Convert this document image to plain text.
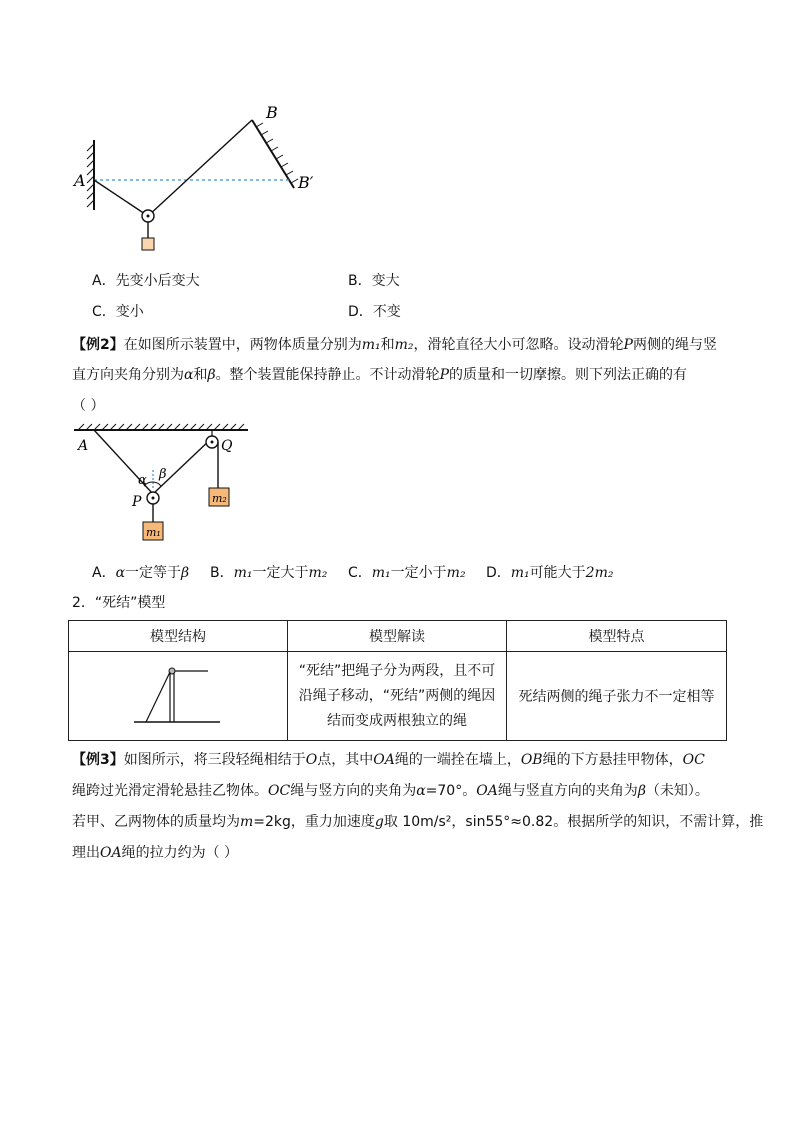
A
B
B′
A．先变小后变大	B．变大
C．变小	D．不变
【例2】在如图所示装置中，两物体质量分别为m₁和m₂，滑轮直径大小可忽略。设动滑轮P两侧的绳与竖
直方向夹角分别为α和β。整个装置能保持静止。不计动滑轮P的质量和一切摩擦。则下列法正确的有
（ ）
A	Q
P
α β
m₁
m₂
A．α一定等于β B．m₁一定大于m₂ C．m₁一定小于m₂ D．m₁可能大于2m₂
2．“死结”模型
模型结构	模型解读	模型特点

“死结”把绳子分为两段，且不可
沿绳子移动，“死结”两侧的绳因
结而变成两根独立的绳	死结两侧的绳子张力不一定相等
【例3】如图所示，将三段轻绳相结于O点，其中OA绳的一端拴在墙上，OB绳的下方悬挂甲物体，OC
绳跨过光滑定滑轮悬挂乙物体。OC绳与竖方向的夹角为α=70°。OA绳与竖直方向的夹角为β（未知）。
若甲、乙两物体的质量均为m=2kg，重力加速度g取 10m/s²，sin55°≈0.82。根据所学的知识，不需计算，推
理出OA绳的拉力约为（ ）
